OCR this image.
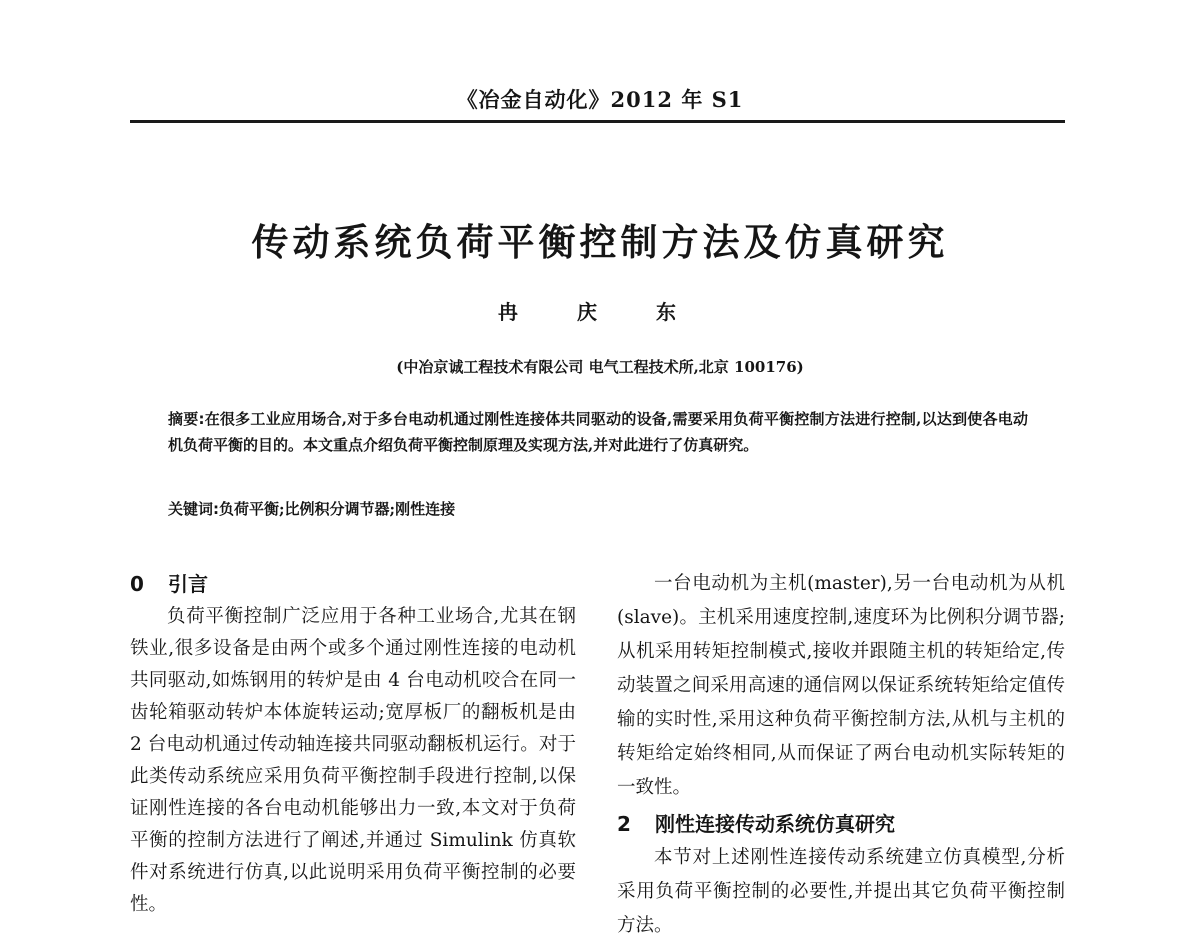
《冶金自动化》2012 年 S1
传动系统负荷平衡控制方法及仿真研究
冉 庆 东
(中冶京诚工程技术有限公司 电气工程技术所,北京 100176)
摘要:在很多工业应用场合,对于多台电动机通过刚性连接体共同驱动的设备,需要采用负荷平衡控制方法进行控制,以达到使各电动机负荷平衡的目的。本文重点介绍负荷平衡控制原理及实现方法,并对此进行了仿真研究。
关键词:负荷平衡;比例积分调节器;刚性连接
0 引言

负荷平衡控制广泛应用于各种工业场合,尤其在钢铁业,很多设备是由两个或多个通过刚性连接的电动机共同驱动,如炼钢用的转炉是由 4 台电动机咬合在同一齿轮箱驱动转炉本体旋转运动;宽厚板厂的翻板机是由 2 台电动机通过传动轴连接共同驱动翻板机运行。对于此类传动系统应采用负荷平衡控制手段进行控制,以保证刚性连接的各台电动机能够出力一致,本文对于负荷平衡的控制方法进行了阐述,并通过 Simulink 仿真软件对系统进行仿真,以此说明采用负荷平衡控制的必要性。

一台电动机为主机(master),另一台电动机为从机(slave)。主机采用速度控制,速度环为比例积分调节器;从机采用转矩控制模式,接收并跟随主机的转矩给定,传动装置之间采用高速的通信网以保证系统转矩给定值传输的实时性,采用这种负荷平衡控制方法,从机与主机的转矩给定始终相同,从而保证了两台电动机实际转矩的一致性。

2 刚性连接传动系统仿真研究

本节对上述刚性连接传动系统建立仿真模型,分析采用负荷平衡控制的必要性,并提出其它负荷平衡控制方法。
